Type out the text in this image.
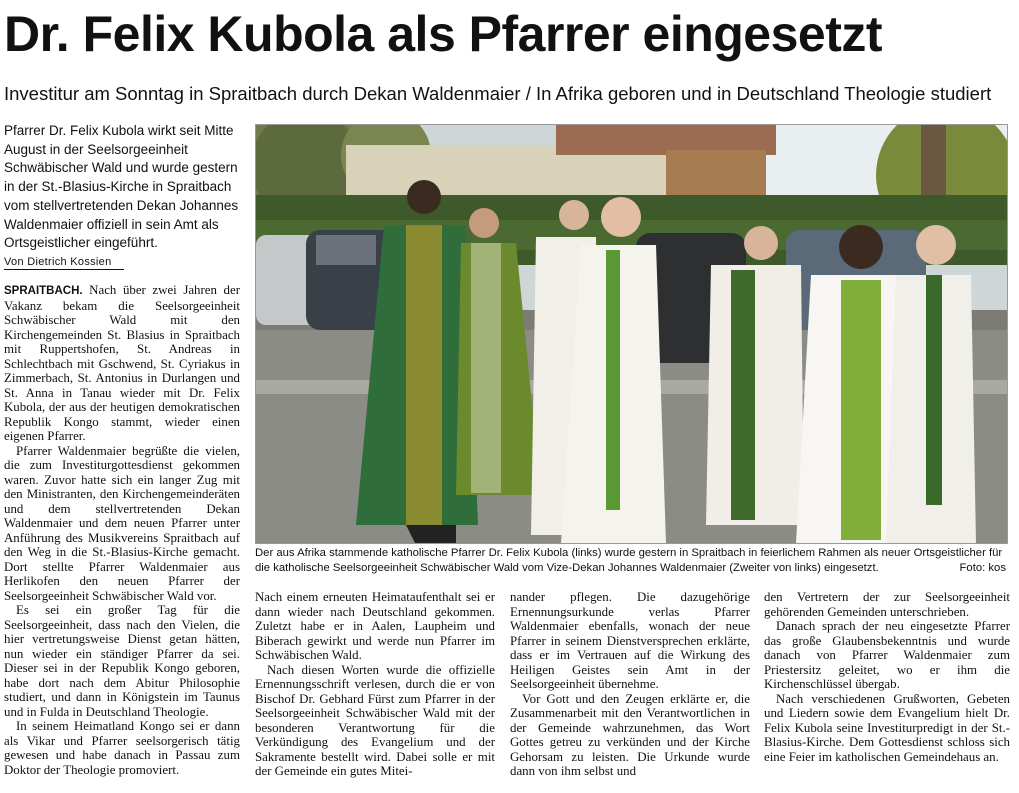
Dr. Felix Kubola als Pfarrer eingesetzt
Investitur am Sonntag in Spraitbach durch Dekan Waldenmaier / In Afrika geboren und in Deutschland Theologie studiert
Pfarrer Dr. Felix Kubola wirkt seit Mitte August in der Seelsorgeeinheit Schwäbischer Wald und wurde gestern in der St.-Blasius-Kirche in Spraitbach vom stellvertretenden Dekan Johannes Waldenmaier offiziell in sein Amt als Ortsgeistlicher eingeführt.
Von Dietrich Kossien

SPRAITBACH. Nach über zwei Jahren der Vakanz bekam die Seelsorgeeinheit Schwäbischer Wald mit den Kirchengemeinden St. Blasius in Spraitbach mit Ruppertshofen, St. Andreas in Schlechtbach mit Gschwend, St. Cyriakus in Zimmerbach, St. Antonius in Durlangen und St. Anna in Tanau wieder mit Dr. Felix Kubola, der aus der heutigen demokratischen Republik Kongo stammt, wieder einen eigenen Pfarrer.

Pfarrer Waldenmaier begrüßte die vielen, die zum Investiturgottesdienst gekommen waren. Zuvor hatte sich ein langer Zug mit den Ministranten, den Kirchengemeinderäten und dem stellvertretenden Dekan Waldenmaier und dem neuen Pfarrer unter Anführung des Musikvereins Spraitbach auf den Weg in die St.-Blasius-Kirche gemacht. Dort stellte Pfarrer Waldenmaier aus Herlikofen den neuen Pfarrer der Seelsorgeeinheit Schwäbischer Wald vor.

Es sei ein großer Tag für die Seelsorgeeinheit, dass nach den Vielen, die hier vertretungsweise Dienst getan hätten, nun wieder ein ständiger Pfarrer da sei. Dieser sei in der Republik Kongo geboren, habe dort nach dem Abitur Philosophie studiert, und dann in Königstein im Taunus und in Fulda in Deutschland Theologie.

In seinem Heimatland Kongo sei er dann als Vikar und Pfarrer seelsorgerisch tätig gewesen und habe danach in Passau zum Doktor der Theologie promoviert.

Der aus Afrika stammende katholische Pfarrer Dr. Felix Kubola (links) wurde gestern in Spraitbach in feierlichem Rahmen als neuer Ortsgeistlicher für die katholische Seelsorgeeinheit Schwäbischer Wald vom Vize-Dekan Johannes Waldenmaier (Zweiter von links) eingesetzt.	Foto: kos

Nach einem erneuten Heimataufenthalt sei er dann wieder nach Deutschland gekommen. Zuletzt habe er in Aalen, Laupheim und Biberach gewirkt und werde nun Pfarrer im Schwäbischen Wald.

Nach diesen Worten wurde die offizielle Ernennungsschrift verlesen, durch die er von Bischof Dr. Gebhard Fürst zum Pfarrer in der Seelsorgeeinheit Schwäbischer Wald mit der besonderen Verantwortung für die Verkündigung des Evangelium und der Sakramente bestellt wird. Dabei solle er mit der Gemeinde ein gutes Mitei-

nander pflegen. Die dazugehörige Ernennungsurkunde verlas Pfarrer Waldenmaier ebenfalls, wonach der neue Pfarrer in seinem Dienstversprechen erklärte, dass er im Vertrauen auf die Wirkung des Heiligen Geistes sein Amt in der Seelsorgeeinheit übernehme.

Vor Gott und den Zeugen erklärte er, die Zusammenarbeit mit den Verantwortlichen in der Gemeinde wahrzunehmen, das Wort Gottes getreu zu verkünden und der Kirche Gehorsam zu leisten. Die Urkunde wurde dann von ihm selbst und

den Vertretern der zur Seelsorgeeinheit gehörenden Gemeinden unterschrieben.

Danach sprach der neu eingesetzte Pfarrer das große Glaubensbekenntnis und wurde danach von Pfarrer Waldenmaier zum Priestersitz geleitet, wo er ihm die Kirchenschlüssel übergab.

Nach verschiedenen Grußworten, Gebeten und Liedern sowie dem Evangelium hielt Dr. Felix Kubola seine Investiturpredigt in der St.-Blasius-Kirche. Dem Gottesdienst schloss sich eine Feier im katholischen Gemeindehaus an.
